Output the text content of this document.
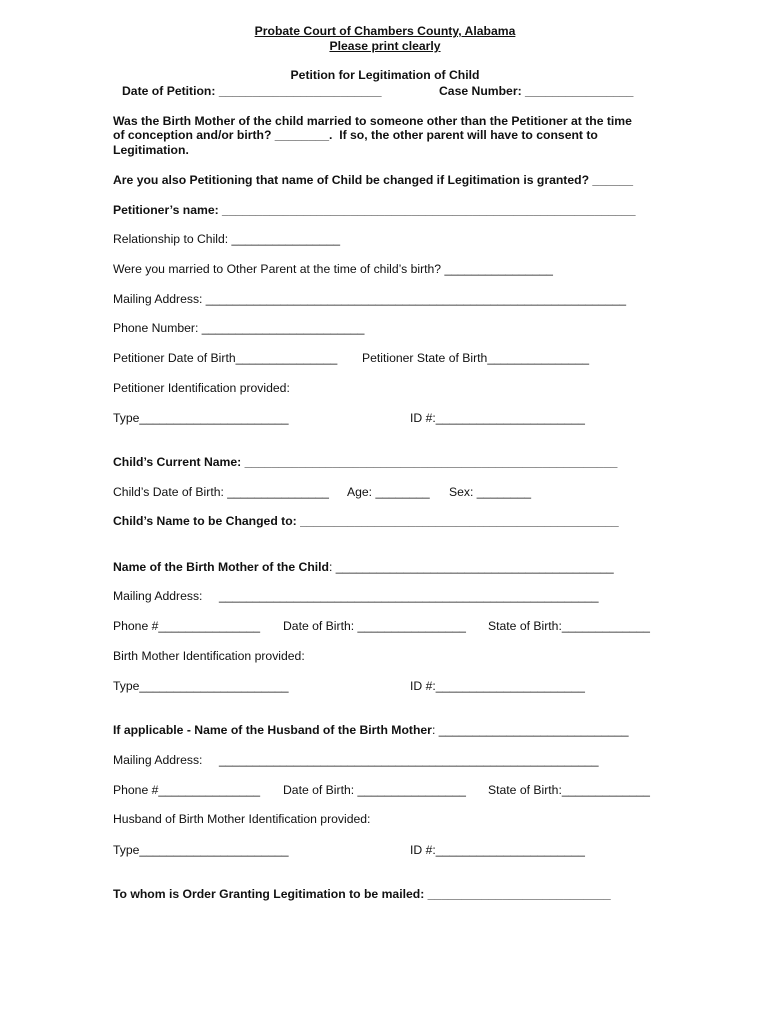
Probate Court of Chambers County, Alabama
Please print clearly
Petition for Legitimation of Child
Date of Petition: ________________________	Case Number: ________________
Was the Birth Mother of the child married to someone other than the Petitioner at the time
of conception and/or birth? ________.  If so, the other parent will have to consent to
Legitimation.
Are you also Petitioning that name of Child be changed if Legitimation is granted? ______
Petitioner’s name: _____________________________________________________________
Relationship to Child: ________________
Were you married to Other Parent at the time of child’s birth? ________________
Mailing Address: ______________________________________________________________
Phone Number: ________________________
Petitioner Date of Birth_______________ Petitioner State of Birth_______________
Petitioner Identification provided:
Type______________________	ID #:______________________
Child’s Current Name: _______________________________________________________
Child’s Date of Birth: _______________ Age: ________ Sex: ________
Child’s Name to be Changed to: _______________________________________________
Name of the Birth Mother of the Child: _________________________________________
Mailing Address: ________________________________________________________
Phone #_______________ Date of Birth: ________________ State of Birth:_____________
Birth Mother Identification provided:
Type______________________	ID #:______________________
If applicable - Name of the Husband of the Birth Mother: ____________________________
Mailing Address: ________________________________________________________
Phone #_______________ Date of Birth: ________________ State of Birth:_____________
Husband of Birth Mother Identification provided:
Type______________________	ID #:______________________
To whom is Order Granting Legitimation to be mailed: ___________________________
